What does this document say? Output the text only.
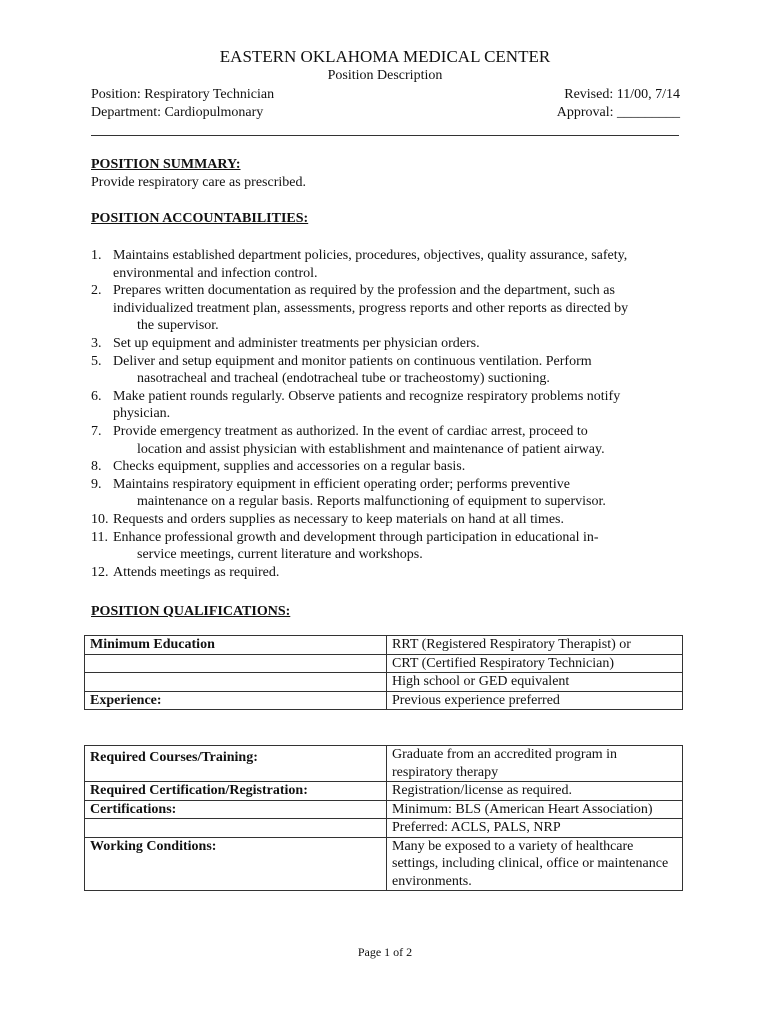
EASTERN OKLAHOMA MEDICAL CENTER
Position Description
Position: Respiratory Technician
Department: Cardiopulmonary
Revised: 11/00, 7/14
Approval: _________
POSITION SUMMARY:
Provide respiratory care as prescribed.
POSITION ACCOUNTABILITIES:
1. Maintains established department policies, procedures, objectives, quality assurance, safety,
environmental and infection control.
2. Prepares written documentation as required by the profession and the department, such as
individualized treatment plan, assessments, progress reports and other reports as directed by
the supervisor.
3. Set up equipment and administer treatments per physician orders.
5. Deliver and setup equipment and monitor patients on continuous ventilation. Perform
nasotracheal and tracheal (endotracheal tube or tracheostomy) suctioning.
6. Make patient rounds regularly. Observe patients and recognize respiratory problems notify
physician.
7. Provide emergency treatment as authorized. In the event of cardiac arrest, proceed to
location and assist physician with establishment and maintenance of patient airway.
8. Checks equipment, supplies and accessories on a regular basis.
9. Maintains respiratory equipment in efficient operating order; performs preventive
maintenance on a regular basis. Reports malfunctioning of equipment to supervisor.
10. Requests and orders supplies as necessary to keep materials on hand at all times.
11. Enhance professional growth and development through participation in educational in-
service meetings, current literature and workshops.
12. Attends meetings as required.
POSITION QUALIFICATIONS:
Minimum Education	RRT (Registered Respiratory Therapist) or
	CRT (Certified Respiratory Technician)
	High school or GED equivalent
Experience:	Previous experience preferred
Required Courses/Training:	Graduate from an accredited program in respiratory therapy
Required Certification/Registration:	Registration/license as required.
Certifications:	Minimum: BLS (American Heart Association)
	Preferred: ACLS, PALS, NRP
Working Conditions:	Many be exposed to a variety of healthcare settings, including clinical, office or maintenance environments.
Page 1 of 2
